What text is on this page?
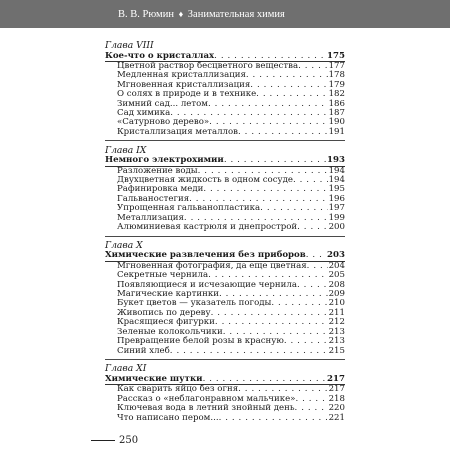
В. В. Рюмин ♦ Занимательная химия
Глава VIII
Кое-что о кристаллах . . .	175
Цветной раствор бесцветного вещества . . .	177
Медленная кристаллизация . . .	178
Мгновенная кристаллизация . . .	179
О солях в природе и в технике . . .	182
Зимний сад... летом . . .	186
Сад химика . . .	187
«Сатурново дерево» . . .	190
Кристаллизация металлов . . .	191
Глава IX
Немного электрохимии . . .	193
Разложение воды . . .	194
Двухцветная жидкость в одном сосуде . . .	194
Рафинировка меди . . .	195
Гальваностегия . . .	196
Упрощенная гальванопластика . . .	197
Металлизация . . .	199
Алюминиевая кастрюля и днепрострой . . .	200
Глава X
Химические развлечения без приборов . . . 203
Мгновенная фотография, да еще цветная . . .	204
Секретные чернила . . .	205
Появляющиеся и исчезающие чернила . . .	208
Магические картинки . . .	209
Букет цветов — указатель погоды . . .	210
Живопись по дереву . . .	211
Красящиеся фигурки . . .	212
Зеленые колокольчики . . .	213
Превращение белой розы в красную . . .	213
Синий хлеб . . .	215
Глава XI
Химические шутки . . .	217
Как сварить яйцо без огня . . .	217
Рассказ о «неблагонравном мальчике» . . .	218
Ключевая вода в летний знойный день . . .	220
Что написано пером... . . .	221
250
